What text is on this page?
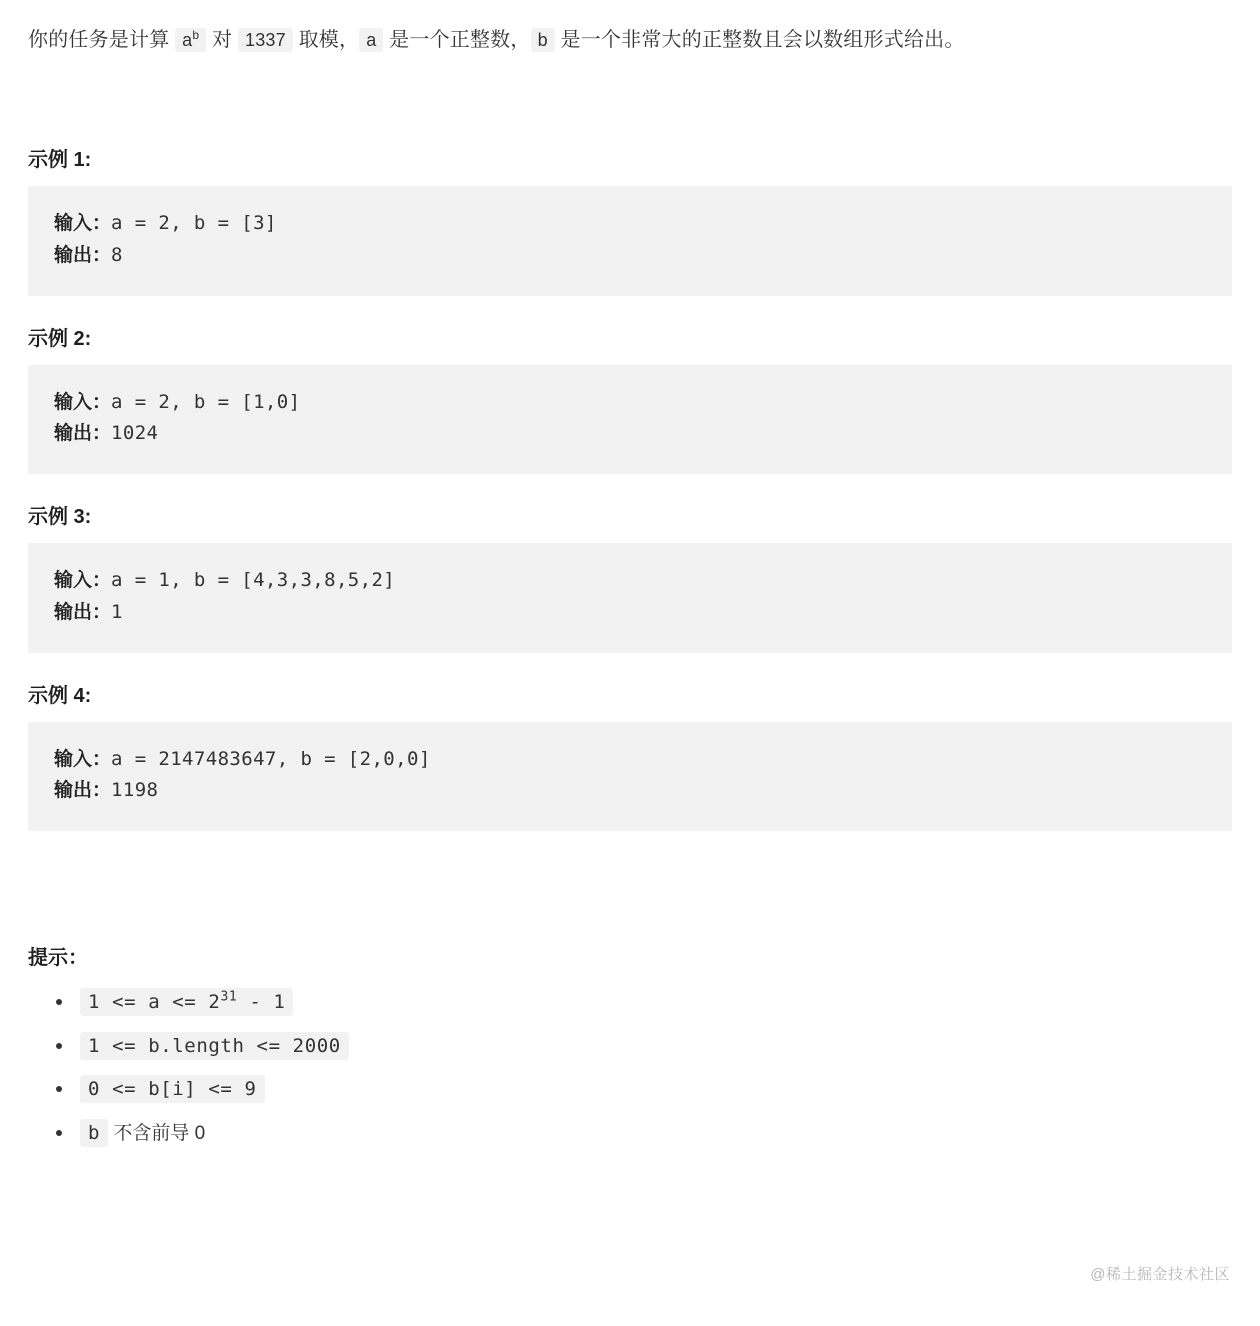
你的任务是计算 $a^b$ 对 1337 取模， a 是一个正整数， b 是一个非常大的正整数且会以数组形式给出。
示例 1:
输入：a = 2, b = [3]
输出：8
示例 2:
输入：a = 2, b = [1,0]
输出：1024
示例 3:
输入：a = 1, b = [4,3,3,8,5,2]
输出：1
示例 4:
输入：a = 2147483647, b = [2,0,0]
输出：1198
提示：
$1 <= a <= 2^{31} - 1$
1 <= b.length <= 2000
0 <= b[i] <= 9
b 不含前导 0
@稀土掘金技术社区
